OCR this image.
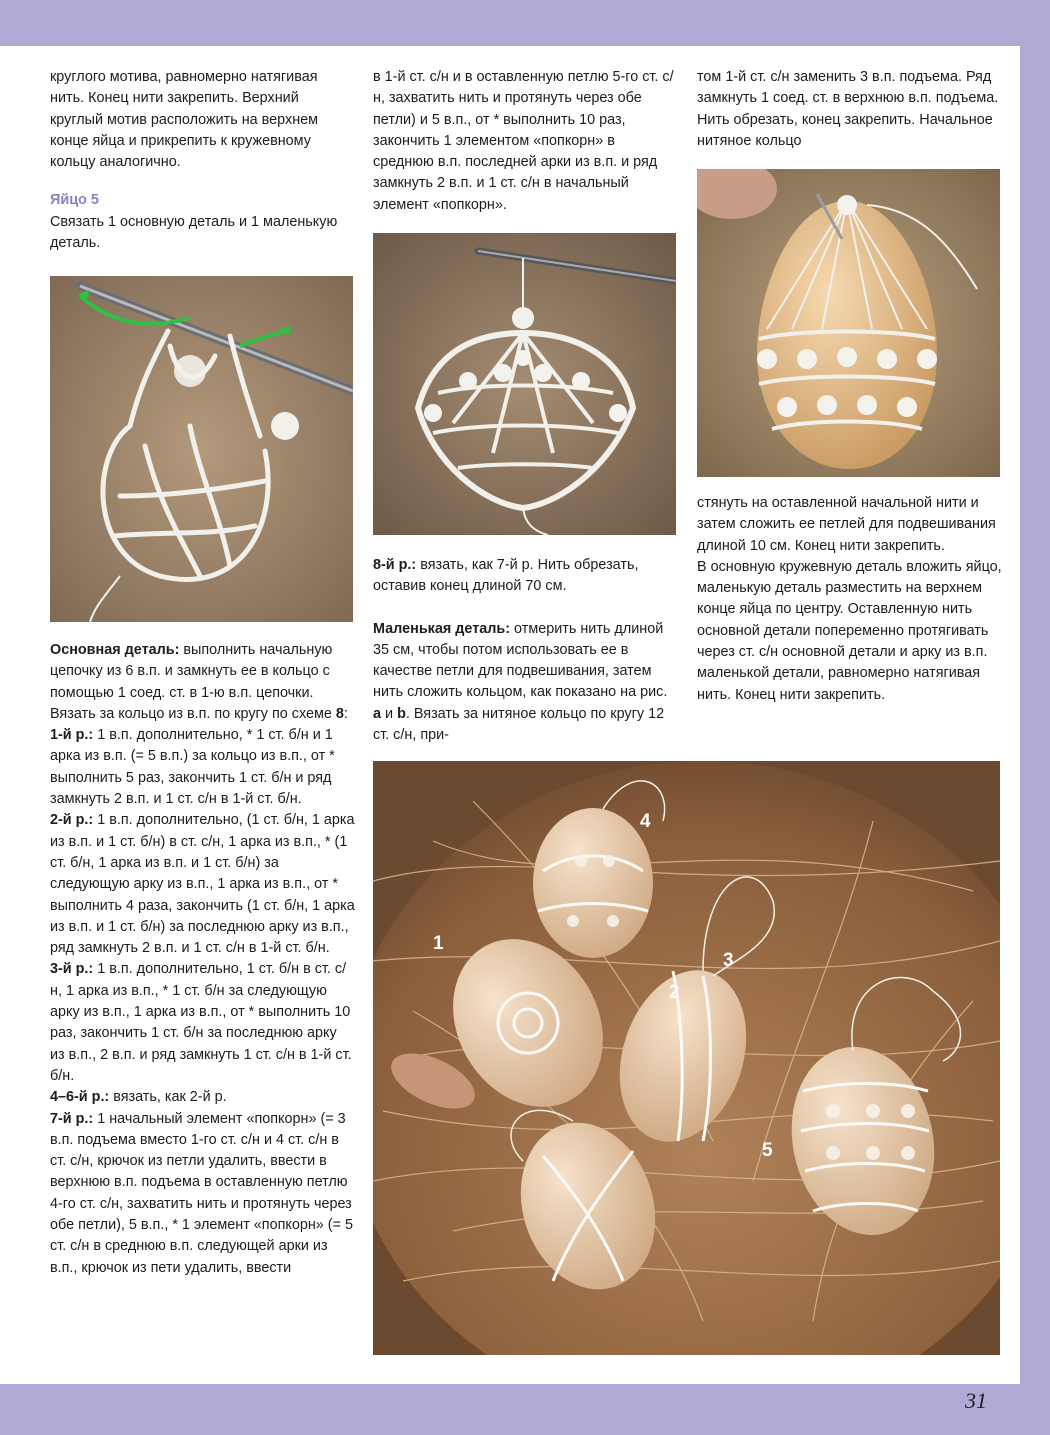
31

круглого мотива, равномерно натягивая нить. Конец нити закрепить. Верхний круглый мотив расположить на верхнем конце яйца и прикрепить к кружевному кольцу аналогично.

Яйцо 5

Связать 1 основную деталь и 1 маленькую деталь.

Основная деталь: выполнить начальную цепочку из 6 в.п. и замкнуть ее в кольцо с помощью 1 соед. ст. в 1-ю в.п. цепочки. Вязать за кольцо из в.п. по кругу по схеме 8:

1-й р.: 1 в.п. дополнительно, * 1 ст. б/н и 1 арка из в.п. (= 5 в.п.) за кольцо из в.п., от * выполнить 5 раз, закончить 1 ст. б/н и ряд замкнуть 2 в.п. и 1 ст. с/н в 1-й ст. б/н.

2-й р.: 1 в.п. дополнительно, (1 ст. б/н, 1 арка из в.п. и 1 ст. б/н) в ст. с/н, 1 арка из в.п., * (1 ст. б/н, 1 арка из в.п. и 1 ст. б/н) за следующую арку из в.п., 1 арка из в.п., от * выполнить 4 раза, закончить (1 ст. б/н, 1 арка из в.п. и 1 ст. б/н) за последнюю арку из в.п., ряд замкнуть 2 в.п. и 1 ст. с/н в 1-й ст. б/н.

3-й р.: 1 в.п. дополнительно, 1 ст. б/н в ст. с/н, 1 арка из в.п., * 1 ст. б/н за следующую арку из в.п., 1 арка из в.п., от * выполнить 10 раз, закончить 1 ст. б/н за последнюю арку из в.п., 2 в.п. и ряд замкнуть 1 ст. с/н в 1-й ст. б/н.

4–6-й р.: вязать, как 2-й р.

7-й р.: 1 начальный элемент «попкорн» (= 3 в.п. подъема вместо 1-го ст. с/н и 4 ст. с/н в ст. с/н, крючок из петли удалить, ввести в верхнюю в.п. подъема в оставленную петлю 4-го ст. с/н, захватить нить и протянуть через обе петли), 5 в.п., * 1 элемент «попкорн» (= 5 ст. с/н в среднюю в.п. следующей арки из в.п., крючок из пети удалить, ввести

в 1-й ст. с/н и в оставленную петлю 5-го ст. с/н, захватить нить и протянуть через обе петли) и 5 в.п., от * выполнить 10 раз, закончить 1 элементом «попкорн» в среднюю в.п. последней арки из в.п. и ряд замкнуть 2 в.п. и 1 ст. с/н в начальный элемент «попкорн».

8-й р.: вязать, как 7-й р. Нить обрезать, оставив конец длиной 70 см.

Маленькая деталь: отмерить нить длиной 35 см, чтобы потом использовать ее в качестве петли для подвешивания, затем нить сложить кольцом, как показано на рис. а и b. Вязать за нитяное кольцо по кругу 12 ст. с/н, при-

том 1-й ст. с/н заменить 3 в.п. подъема. Ряд замкнуть 1 соед. ст. в верхнюю в.п. подъема. Нить обрезать, конец закрепить. Начальное нитяное кольцо

стянуть на оставленной начальной нити и затем сложить ее петлей для подвешивания длиной 10 см. Конец нити закрепить.

В основную кружевную деталь вложить яйцо, маленькую деталь разместить на верхнем конце яйца по центру. Оставленную нить основной детали попеременно протягивать через ст. с/н основной детали и арку из в.п. маленькой детали, равномерно натягивая нить. Конец нити закрепить.

1
2
3
4
5
